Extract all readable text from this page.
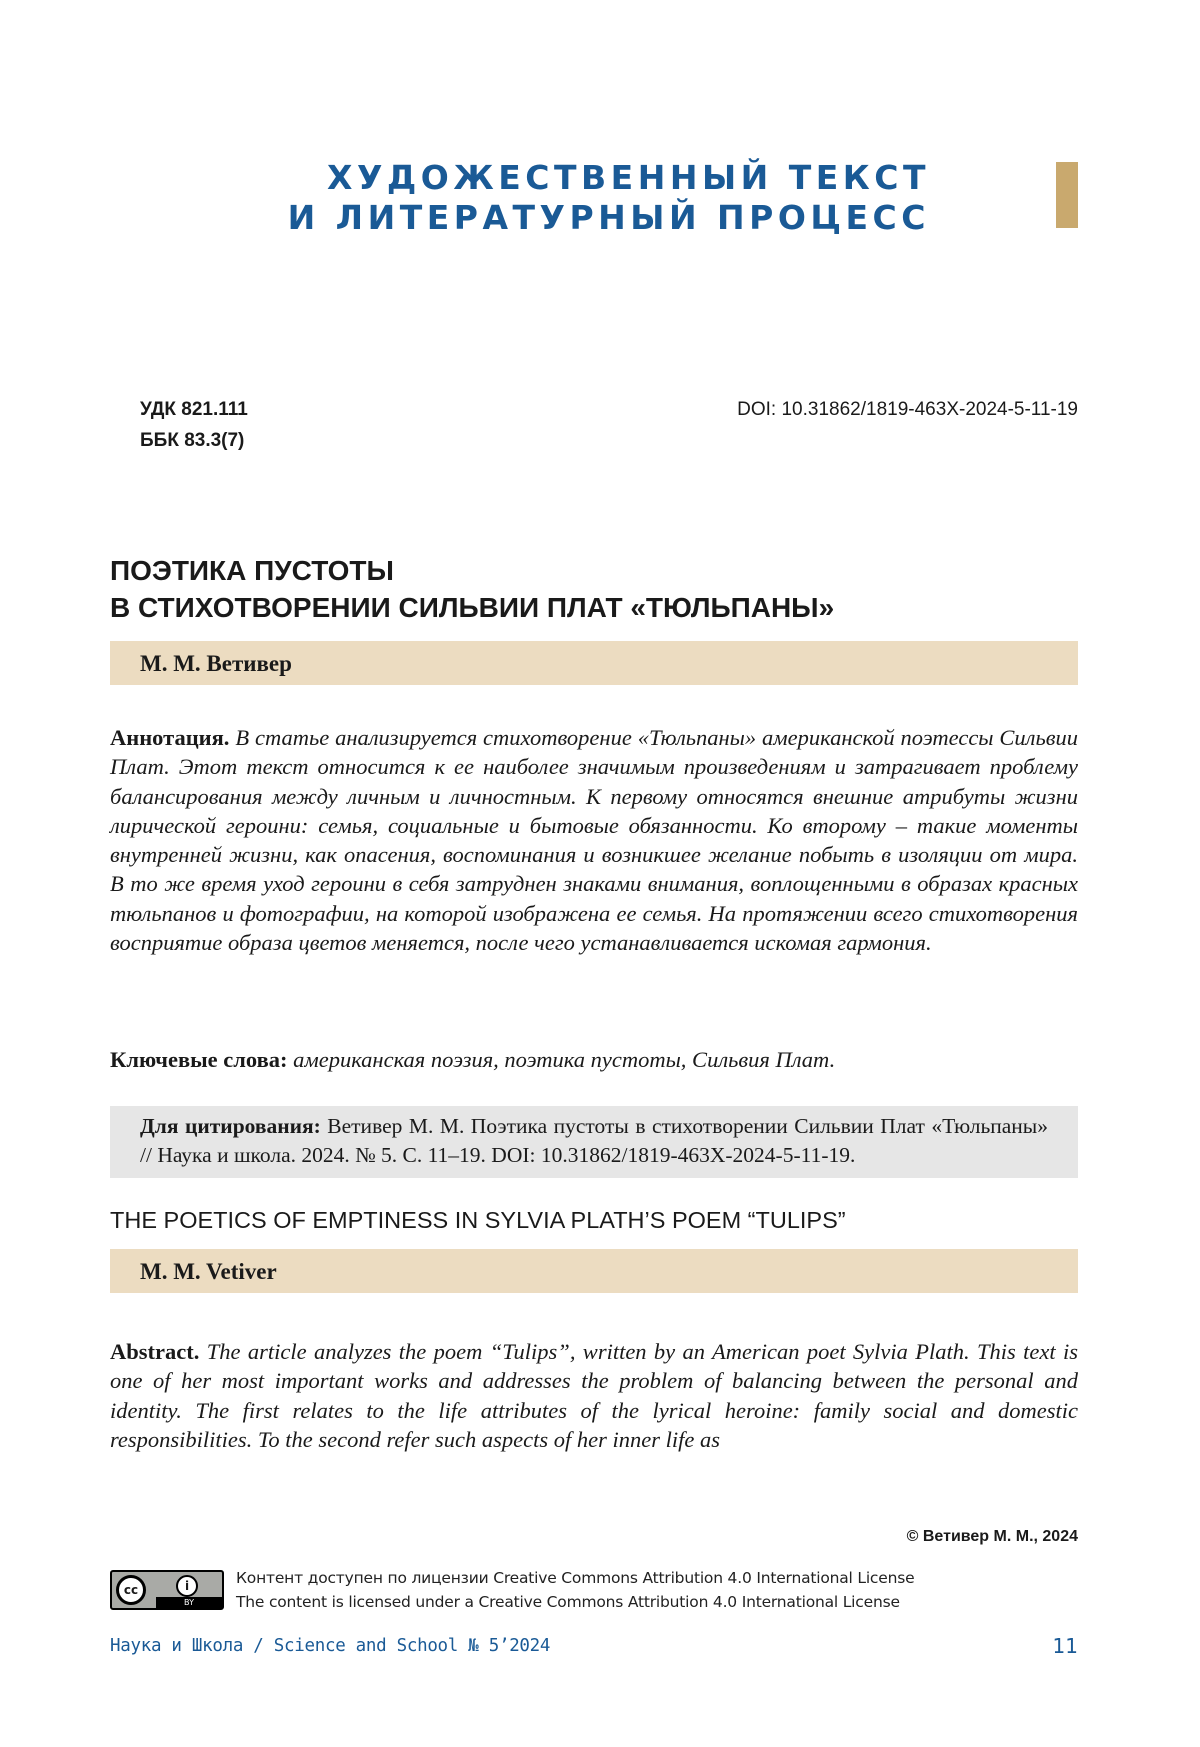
ХУДОЖЕСТВЕННЫЙ ТЕКСТ
И ЛИТЕРАТУРНЫЙ ПРОЦЕСС
УДК 821.111
ББК 83.3(7)
DOI: 10.31862/1819-463X-2024-5-11-19
ПОЭТИКА ПУСТОТЫ
В СТИХОТВОРЕНИИ СИЛЬВИИ ПЛАТ «ТЮЛЬПАНЫ»
М. М. Ветивер

Аннотация. В статье анализируется стихотворение «Тюльпаны» американской поэтессы Сильвии Плат. Этот текст относится к ее наиболее значимым произведениям и затрагивает проблему балансирования между личным и личностным. К первому относятся внешние атрибуты жизни лирической героини: семья, социальные и бытовые обязанности. Ко второму – такие моменты внутренней жизни, как опасения, воспоминания и возникшее желание побыть в изоляции от мира. В то же время уход героини в себя затруднен знаками внимания, воплощенными в образах красных тюльпанов и фотографии, на которой изображена ее семья. На протяжении всего стихотворения восприятие образа цветов меняется, после чего устанавливается искомая гармония.

Ключевые слова: американская поэзия, поэтика пустоты, Сильвия Плат.

Для цитирования: Ветивер М. М. Поэтика пустоты в стихотворении Сильвии Плат «Тюльпаны» // Наука и школа. 2024. № 5. С. 11–19. DOI: 10.31862/1819-463X-2024-5-11-19.

THE POETICS OF EMPTINESS IN SYLVIA PLATH’S POEM “TULIPS”
M. M. Vetiver

Abstract. The article analyzes the poem “Tulips”, written by an American poet Sylvia Plath. This text is one of her most important works and addresses the problem of balancing between the personal and identity. The first relates to the life attributes of the lyrical heroine: family social and domestic responsibilities. To the second refer such aspects of her inner life as

© Ветивер М. М., 2024
cc	i
BY
Контент доступен по лицензии Creative Commons Attribution 4.0 International License
The content is licensed under a Creative Commons Attribution 4.0 International License
Наука и Школа / Science and School № 5’2024	11
